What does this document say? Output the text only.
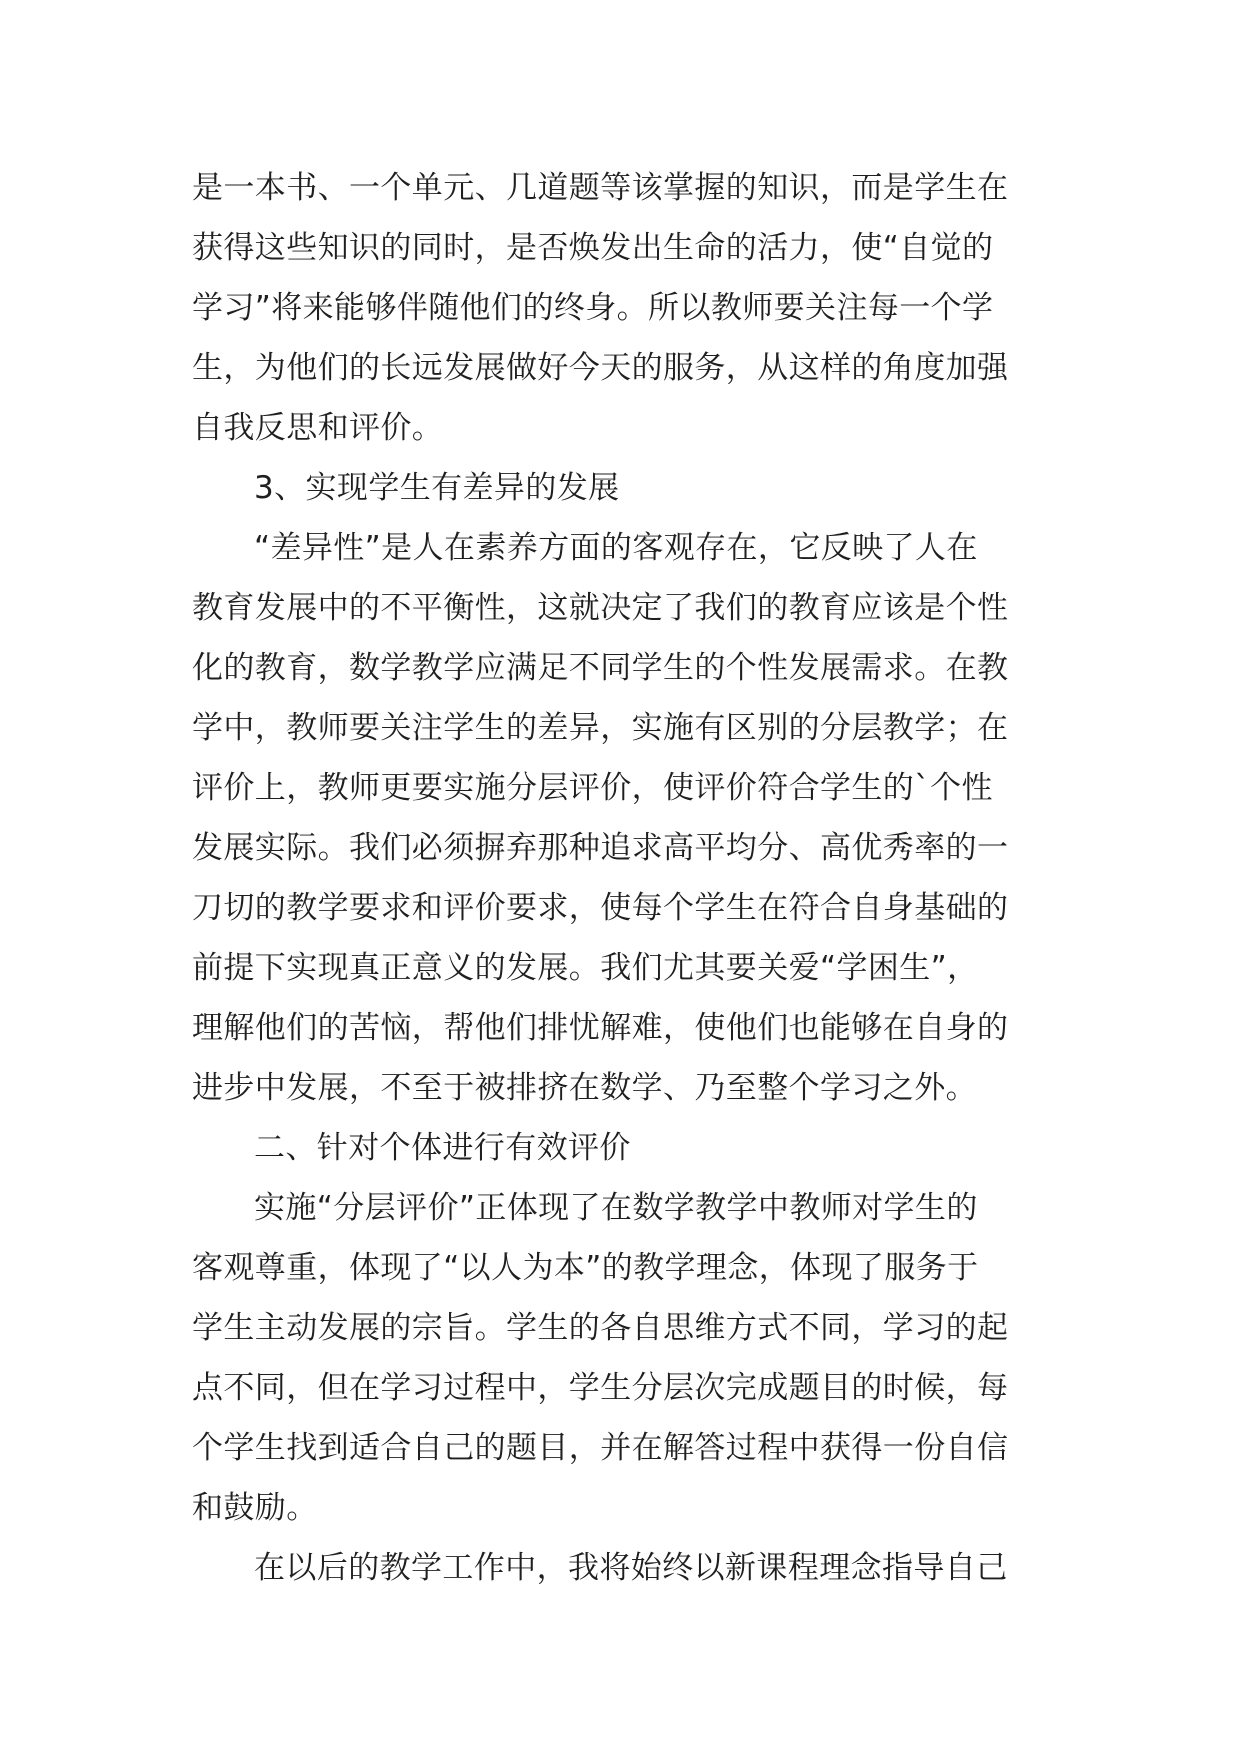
是一本书、一个单元、几道题等该掌握的知识，而是学生在
获得这些知识的同时，是否焕发出生命的活力，使“自觉的
学习”将来能够伴随他们的终身。所以教师要关注每一个学
生，为他们的长远发展做好今天的服务，从这样的角度加强
自我反思和评价。
3、实现学生有差异的发展
“差异性”是人在素养方面的客观存在，它反映了人在
教育发展中的不平衡性，这就决定了我们的教育应该是个性
化的教育，数学教学应满足不同学生的个性发展需求。在教
学中，教师要关注学生的差异，实施有区别的分层教学；在
评价上，教师更要实施分层评价，使评价符合学生的`个性
发展实际。我们必须摒弃那种追求高平均分、高优秀率的一
刀切的教学要求和评价要求，使每个学生在符合自身基础的
前提下实现真正意义的发展。我们尤其要关爱“学困生”，
理解他们的苦恼，帮他们排忧解难，使他们也能够在自身的
进步中发展，不至于被排挤在数学、乃至整个学习之外。
二、针对个体进行有效评价
实施“分层评价”正体现了在数学教学中教师对学生的
客观尊重，体现了“以人为本”的教学理念，体现了服务于
学生主动发展的宗旨。学生的各自思维方式不同，学习的起
点不同，但在学习过程中，学生分层次完成题目的时候，每
个学生找到适合自己的题目，并在解答过程中获得一份自信
和鼓励。
在以后的教学工作中，我将始终以新课程理念指导自己
